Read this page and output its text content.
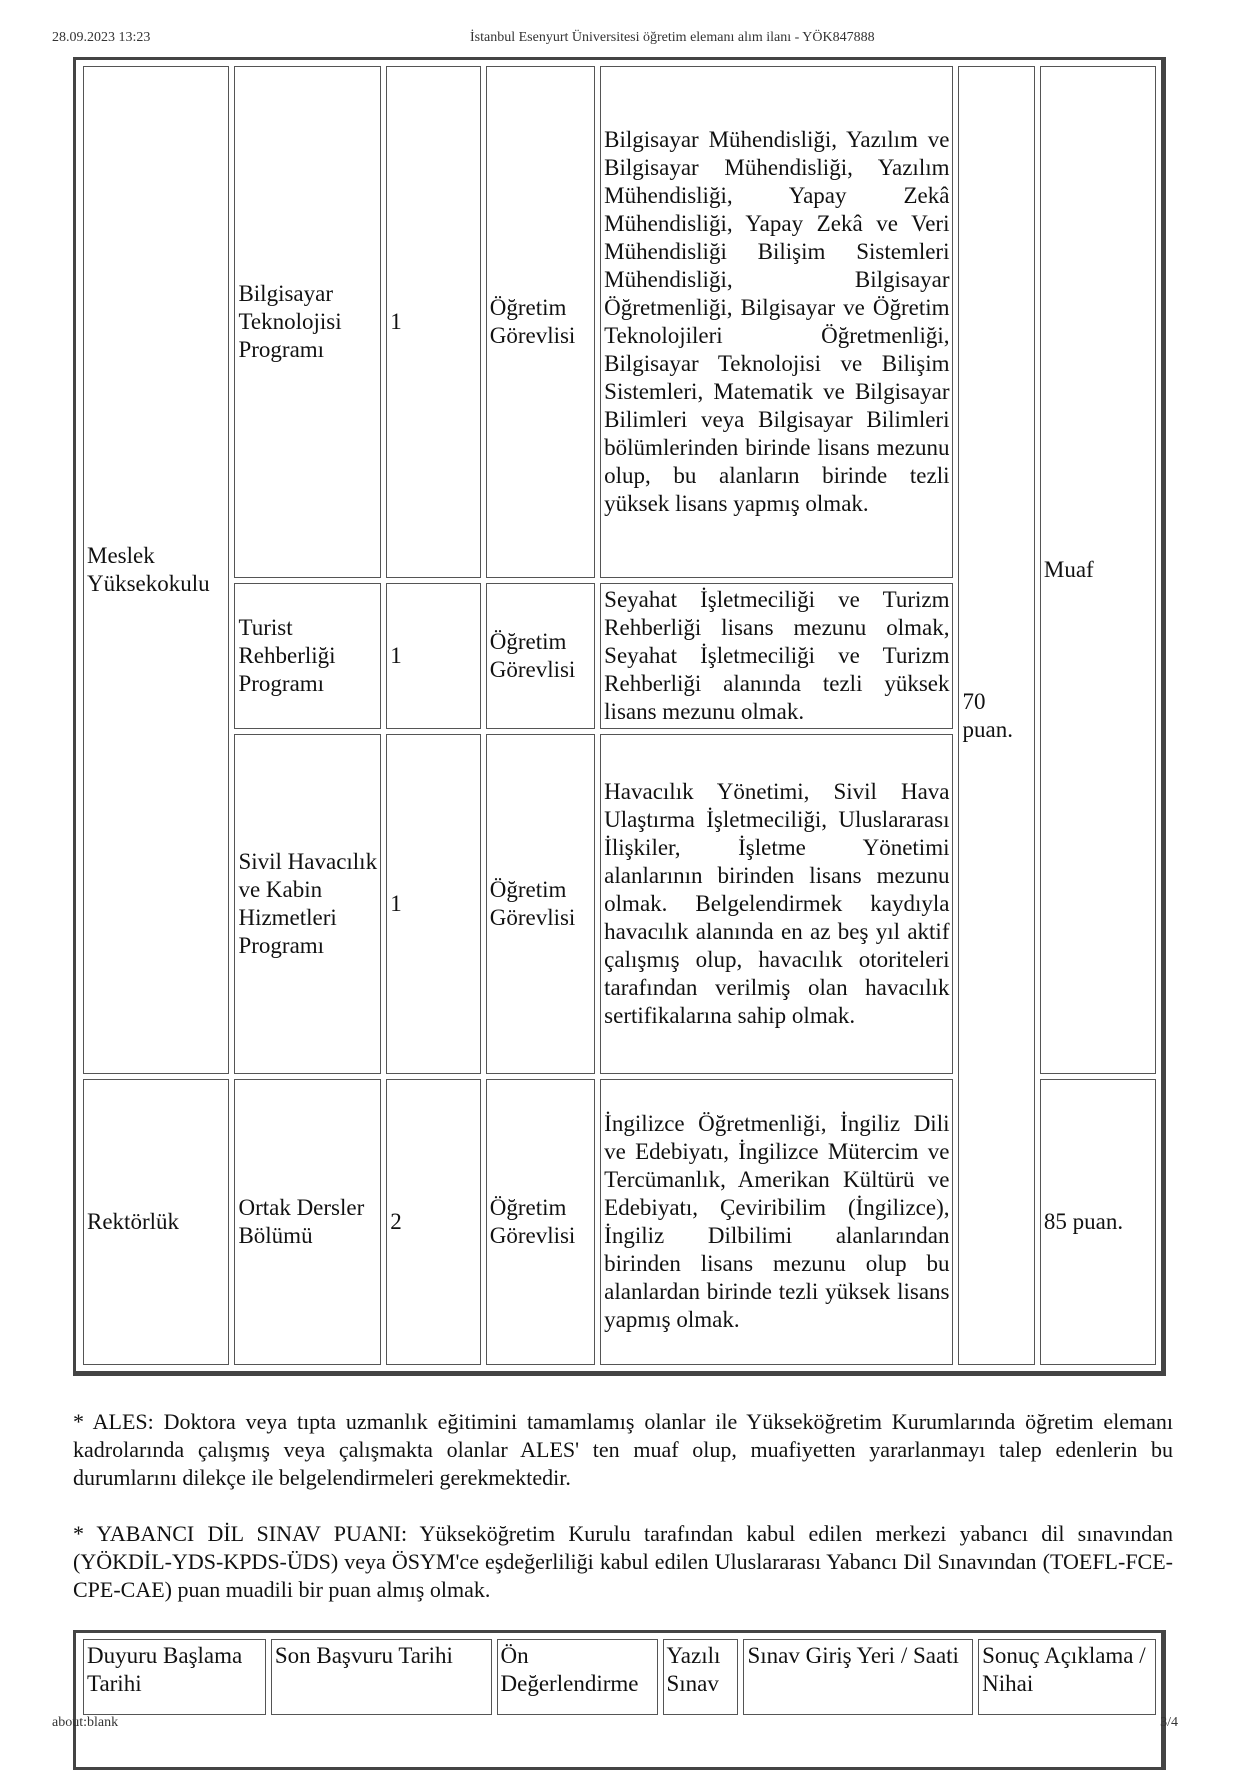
28.09.2023 13:23	İstanbul Esenyurt Üniversitesi öğretim elemanı alım ilanı - YÖK847888
Meslek Yüksekokulu	Bilgisayar Teknolojisi Programı	1	Öğretim Görevlisi	Bilgisayar Mühendisliği, Yazılım ve Bilgisayar Mühendisliği, Yazılım Mühendisliği, Yapay Zekâ Mühendisliği, Yapay Zekâ ve Veri Mühendisliği Bilişim Sistemleri Mühendisliği, Bilgisayar Öğretmenliği, Bilgisayar ve Öğretim Teknolojileri Öğretmenliği, Bilgisayar Teknolojisi ve Bilişim Sistemleri, Matematik ve Bilgisayar Bilimleri veya Bilgisayar Bilimleri bölümlerinden birinde lisans mezunu olup, bu alanların birinde tezli yüksek lisans yapmış olmak.	70 puan.	Muaf
	Turist Rehberliği Programı	1	Öğretim Görevlisi	Seyahat İşletmeciliği ve Turizm Rehberliği lisans mezunu olmak, Seyahat İşletmeciliği ve Turizm Rehberliği alanında tezli yüksek lisans mezunu olmak.		
	Sivil Havacılık ve Kabin Hizmetleri Programı	1	Öğretim Görevlisi	Havacılık Yönetimi, Sivil Hava Ulaştırma İşletmeciliği, Uluslararası İlişkiler, İşletme Yönetimi alanlarının birinden lisans mezunu olmak. Belgelendirmek kaydıyla havacılık alanında en az beş yıl aktif çalışmış olup, havacılık otoriteleri tarafından verilmiş olan havacılık sertifikalarına sahip olmak.		
Rektörlük	Ortak Dersler Bölümü	2	Öğretim Görevlisi	İngilizce Öğretmenliği, İngiliz Dili ve Edebiyatı, İngilizce Mütercim ve Tercümanlık, Amerikan Kültürü ve Edebiyatı, Çeviribilim (İngilizce), İngiliz Dilbilimi alanlarından birinden lisans mezunu olup bu alanlardan birinde tezli yüksek lisans yapmış olmak.		85 puan.
* ALES: Doktora veya tıpta uzmanlık eğitimini tamamlamış olanlar ile Yükseköğretim Kurumlarında öğretim elemanı kadrolarında çalışmış veya çalışmakta olanlar ALES' ten muaf olup, muafiyetten yararlanmayı talep edenlerin bu durumlarını dilekçe ile belgelendirmeleri gerekmektedir.
* YABANCI DİL SINAV PUANI: Yükseköğretim Kurulu tarafından kabul edilen merkezi yabancı dil sınavından (YÖKDİL-YDS-KPDS-ÜDS) veya ÖSYM'ce eşdeğerliliği kabul edilen Uluslararası Yabancı Dil Sınavından (TOEFL-FCE-CPE-CAE) puan muadili bir puan almış olmak.
Duyuru Başlama Tarihi	Son Başvuru Tarihi	Ön Değerlendirme	Yazılı Sınav	Sınav Giriş Yeri / Saati	Sonuç Açıklama / Nihai
about:blank	3/4
